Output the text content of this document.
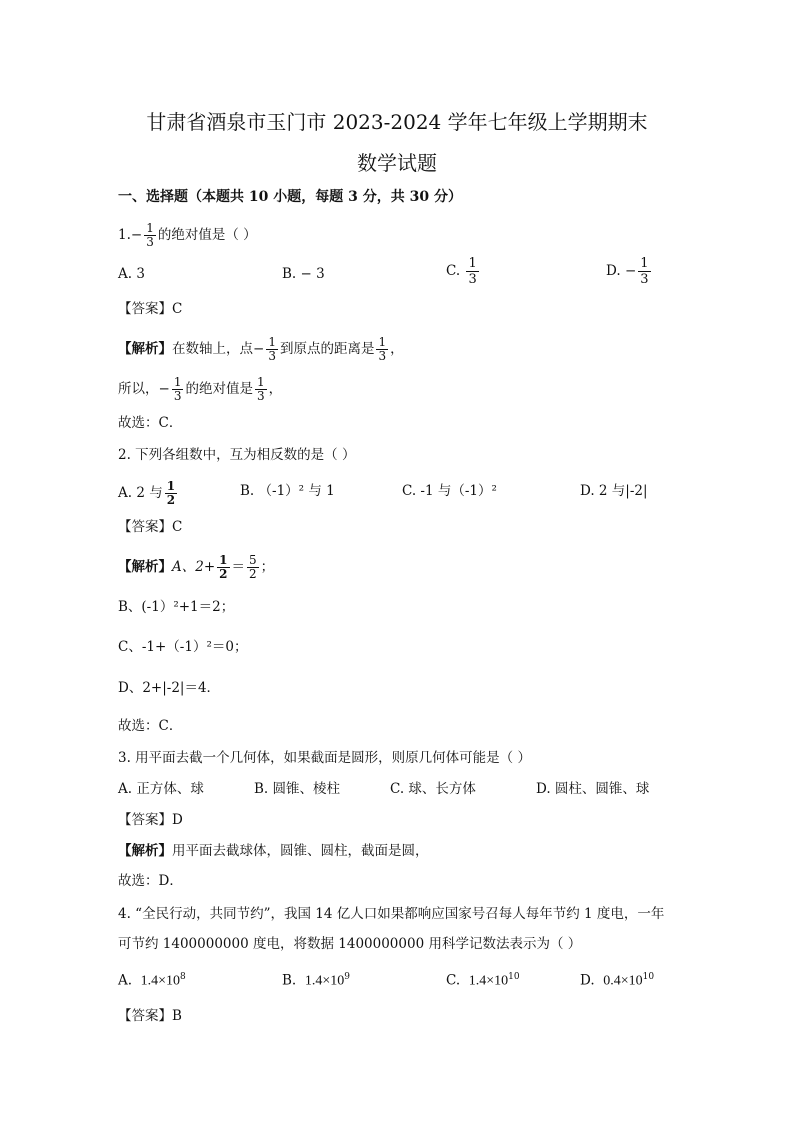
甘肃省酒泉市玉门市 2023-2024 学年七年级上学期期末
数学试题
一、选择题（本题共 10 小题，每题 3 分，共 30 分）
$1.- \frac{1}{3}$ 的绝对值是（ ）
A. 3	B. − 3	C. $\frac{1}{3}$	D. − $\frac{1}{3}$
【答案】C
【解析】在数轴上，点− $\frac{1}{3}$ 到原点的距离是 $\frac{1}{3}$ ，
所以，− $\frac{1}{3}$ 的绝对值是 $\frac{1}{3}$ ，
故选：C．
2. 下列各组数中，互为相反数的是（ ）
A. 2 与 $\frac{1}{2}$	B. （-1）² 与 1	C. -1 与（-1）²	D. 2 与|-2|
【答案】C
【解析】A、$2+ \frac{1}{2} = \frac{5}{2}$ ；
B、(-1）²+1＝2；
C、-1+（-1）²＝0；
D、2+|-2|＝4．
故选：C．
3. 用平面去截一个几何体，如果截面是圆形，则原几何体可能是（ ）
A. 正方体、球	B. 圆锥、棱柱	C. 球、长方体	D. 圆柱、圆锥、球
【答案】D
【解析】用平面去截球体，圆锥、圆柱，截面是圆，
故选：D．
4. “全民行动，共同节约”，我国 14 亿人口如果都响应国家号召每人每年节约 1 度电，一年
可节约 1400000000 度电，将数据 1400000000 用科学记数法表示为（ ）
A. $1.4\times 10^8$	B. $1.4\times 10^9$	C. $1.4\times 10^{10}$	D. $0.4\times 10^{10}$
【答案】B
